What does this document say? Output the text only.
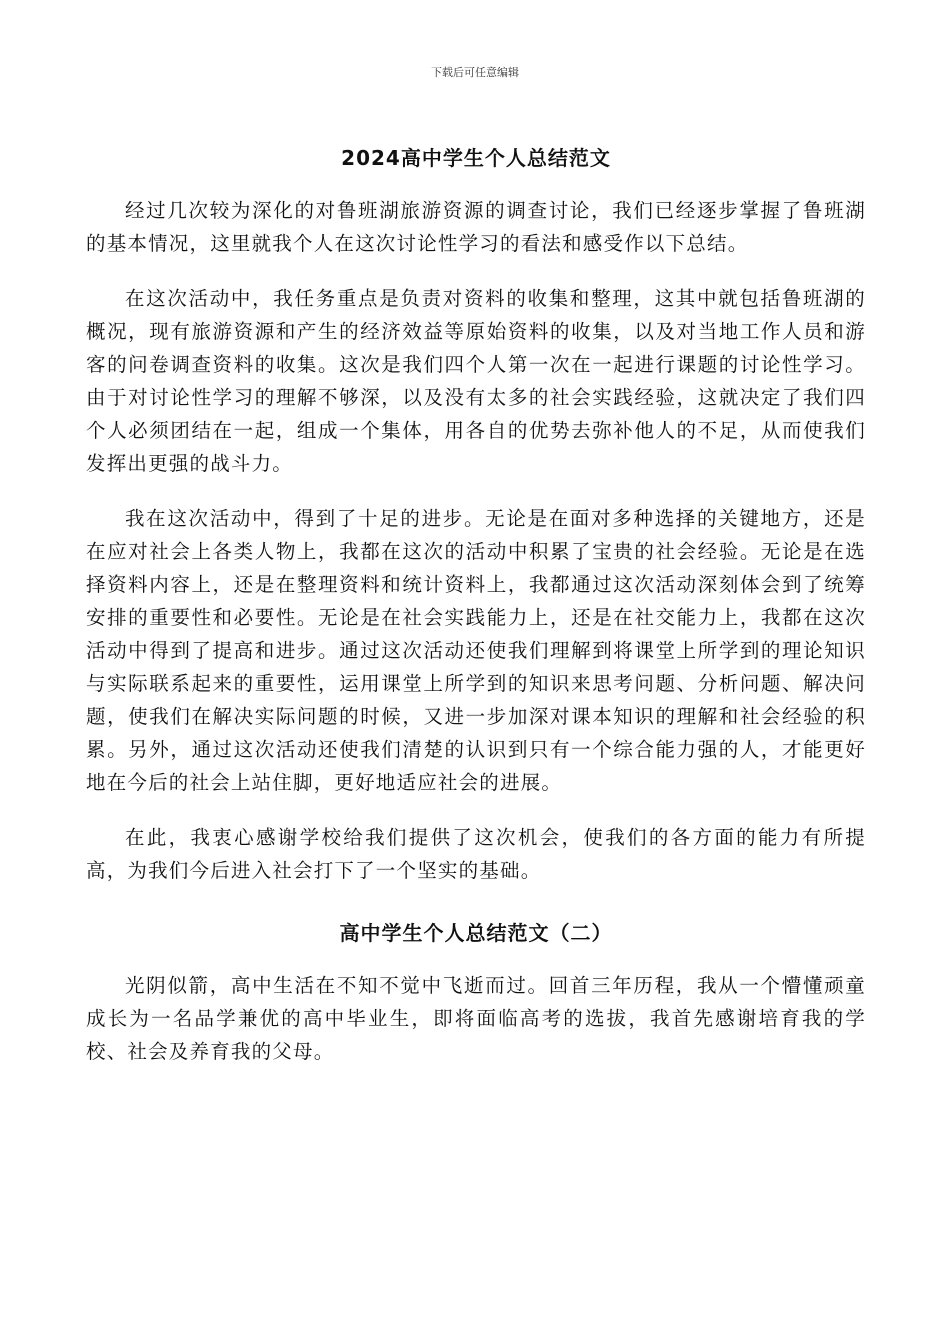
下载后可任意编辑
2024高中学生个人总结范文

经过几次较为深化的对鲁班湖旅游资源的调查讨论，我们已经逐步掌握了鲁班湖的基本情况，这里就我个人在这次讨论性学习的看法和感受作以下总结。

在这次活动中，我任务重点是负责对资料的收集和整理，这其中就包括鲁班湖的概况，现有旅游资源和产生的经济效益等原始资料的收集，以及对当地工作人员和游客的问卷调查资料的收集。这次是我们四个人第一次在一起进行课题的讨论性学习。由于对讨论性学习的理解不够深，以及没有太多的社会实践经验，这就决定了我们四个人必须团结在一起，组成一个集体，用各自的优势去弥补他人的不足，从而使我们发挥出更强的战斗力。

我在这次活动中，得到了十足的进步。无论是在面对多种选择的关键地方，还是在应对社会上各类人物上，我都在这次的活动中积累了宝贵的社会经验。无论是在选择资料内容上，还是在整理资料和统计资料上，我都通过这次活动深刻体会到了统筹安排的重要性和必要性。无论是在社会实践能力上，还是在社交能力上，我都在这次活动中得到了提高和进步。通过这次活动还使我们理解到将课堂上所学到的理论知识与实际联系起来的重要性，运用课堂上所学到的知识来思考问题、分析问题、解决问题，使我们在解决实际问题的时候，又进一步加深对课本知识的理解和社会经验的积累。另外，通过这次活动还使我们清楚的认识到只有一个综合能力强的人，才能更好地在今后的社会上站住脚，更好地适应社会的进展。

在此，我衷心感谢学校给我们提供了这次机会，使我们的各方面的能力有所提高，为我们今后进入社会打下了一个坚实的基础。

高中学生个人总结范文（二）

光阴似箭，高中生活在不知不觉中飞逝而过。回首三年历程，我从一个懵懂顽童成长为一名品学兼优的高中毕业生，即将面临高考的选拔，我首先感谢培育我的学校、社会及养育我的父母。
